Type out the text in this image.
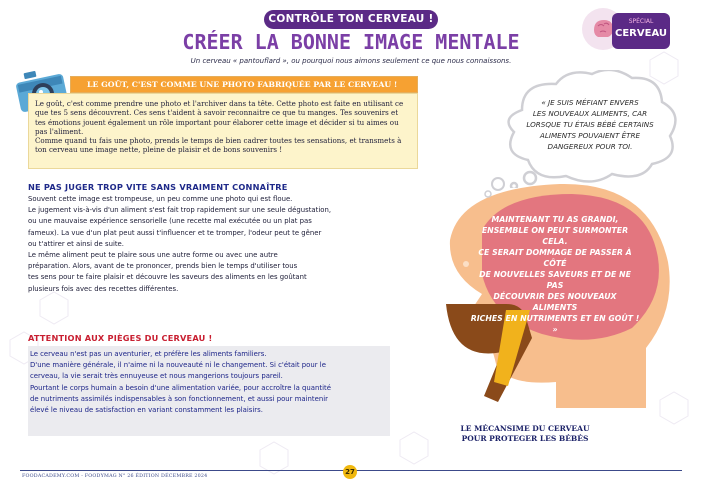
CONTRÔLE TON CERVEAU !
CRÉER LA BONNE IMAGE MENTALE
Un cerveau « pantouflard », ou pourquoi nous aimons seulement ce que nous connaissons.
SPÉCIAL
CERVEAU
LE GOÛT, C'EST COMME UNE PHOTO FABRIQUÉE PAR LE CERVEAU !

Le goût, c'est comme prendre une photo et l'archiver dans ta tête. Cette photo est faite en utilisant ce que tes 5 sens découvrent. Ces sens t'aident à savoir reconnaitre ce que tu manges. Tes souvenirs et tes émotions jouent également un rôle important pour élaborer cette image et décider si tu aimes ou pas l'aliment.

Comme quand tu fais une photo, prends le temps de bien cadrer toutes tes sensations, et transmets à ton cerveau une image nette, pleine de plaisir et de bons souvenirs !

NE PAS JUGER TROP VITE SANS VRAIMENT CONNAÎTRE
Souvent cette image est trompeuse, un peu comme une photo qui est floue.
Le jugement vis-à-vis d'un aliment s'est fait trop rapidement sur une seule dégustation,
ou une mauvaise expérience sensorielle (une recette mal exécutée ou un plat pas
fameux). La vue d'un plat peut aussi t'influencer et te tromper, l'odeur peut te gêner
ou t'attirer et ainsi de suite.
Le même aliment peut te plaire sous une autre forme ou avec une autre
préparation. Alors, avant de te prononcer, prends bien le temps d'utiliser tous
tes sens pour te faire plaisir et découvre les saveurs des aliments en les goûtant
plusieurs fois avec des recettes différentes.
ATTENTION AUX PIÈGES DU CERVEAU !
Le cerveau n'est pas un aventurier, et préfère les aliments familiers.
D'une manière générale, il n'aime ni la nouveauté ni le changement. Si c'était pour le
cerveau, la vie serait très ennuyeuse et nous mangerions toujours pareil.
Pourtant le corps humain a besoin d'une alimentation variée, pour accroître la quantité
de nutriments assimilés indispensables à son fonctionnement, et aussi pour maintenir
élevé le niveau de satisfaction en variant constamment les plaisirs.
MAINTENANT TU AS GRANDI,
ENSEMBLE ON PEUT SURMONTER CELA.
CE SERAIT DOMMAGE DE PASSER À CÔTÉ
DE NOUVELLES SAVEURS ET DE NE PAS
DÉCOUVRIR DES NOUVEAUX ALIMENTS
RICHES EN NUTRIMENTS ET EN GOÛT ! »
LE MÉCANSIME DU CERVEAU
POUR PROTEGER LES BÉBÉS
« JE SUIS MÉFIANT ENVERS
LES NOUVEAUX ALIMENTS, CAR
LORSQUE TU ÉTAIS BÉBÉ CERTAINS
ALIMENTS POUVAIENT ÊTRE
DANGEREUX POUR TOI.
FOODACADEMY.COM - FOODYMAG N° 26 ÉDITION DÉCEMBRE 2024
27
